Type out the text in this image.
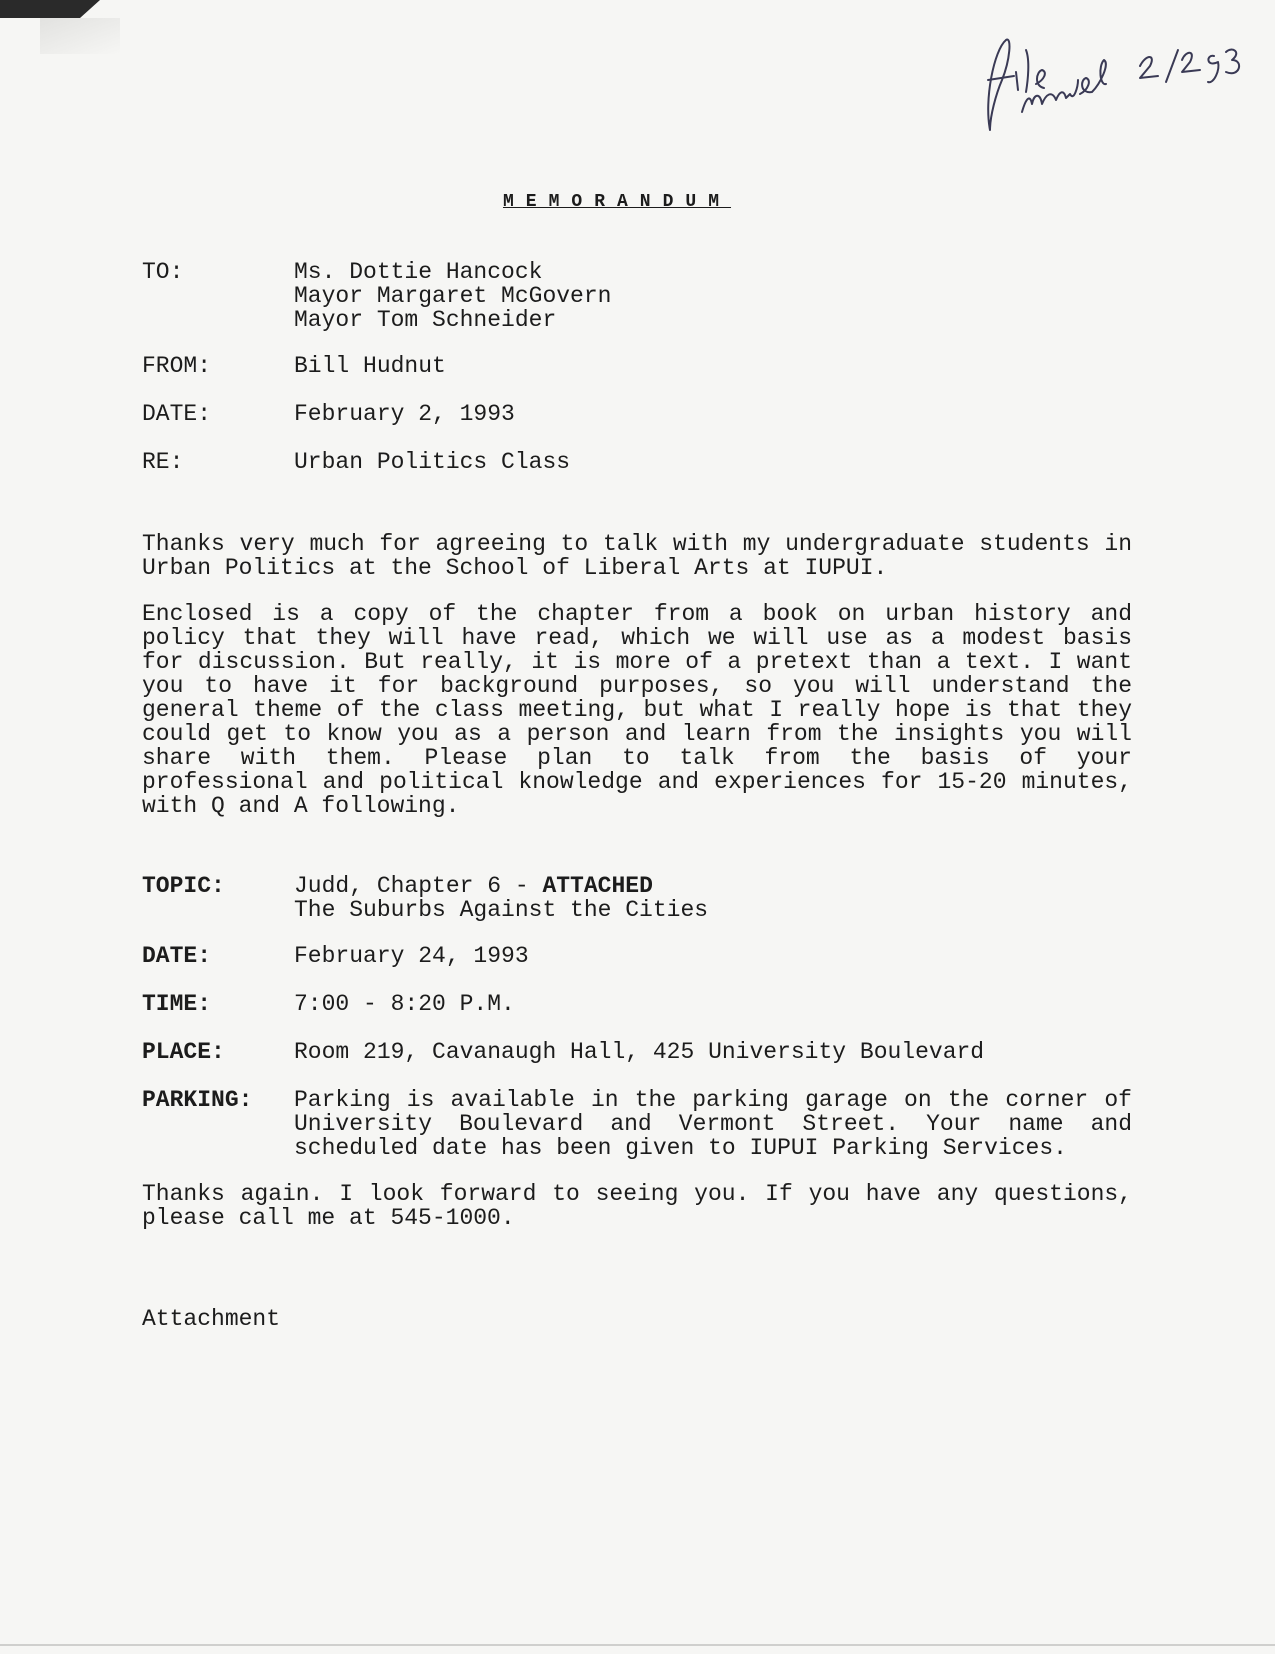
MEMORANDUM
TO:	Ms. Dottie Hancock
Mayor Margaret McGovern
Mayor Tom Schneider
FROM:	Bill Hudnut
DATE:	February 2, 1993
RE:	Urban Politics Class

Thanks very much for agreeing to talk with my undergraduate students in Urban Politics at the School of Liberal Arts at IUPUI.

Enclosed is a copy of the chapter from a book on urban history and policy that they will have read, which we will use as a modest basis for discussion. But really, it is more of a pretext than a text. I want you to have it for background purposes, so you will understand the general theme of the class meeting, but what I really hope is that they could get to know you as a person and learn from the insights you will share with them. Please plan to talk from the basis of your professional and political knowledge and experiences for 15-20 minutes, with Q and A following.

TOPIC:	Judd, Chapter 6 - ATTACHED
The Suburbs Against the Cities
DATE:	February 24, 1993
TIME:	7:00 - 8:20 P.M.
PLACE:	Room 219, Cavanaugh Hall, 425 University Boulevard
PARKING:	Parking is available in the parking garage on the corner of University Boulevard and Vermont Street. Your name and scheduled date has been given to IUPUI Parking Services.

Thanks again. I look forward to seeing you. If you have any questions, please call me at 545-1000.

Attachment
